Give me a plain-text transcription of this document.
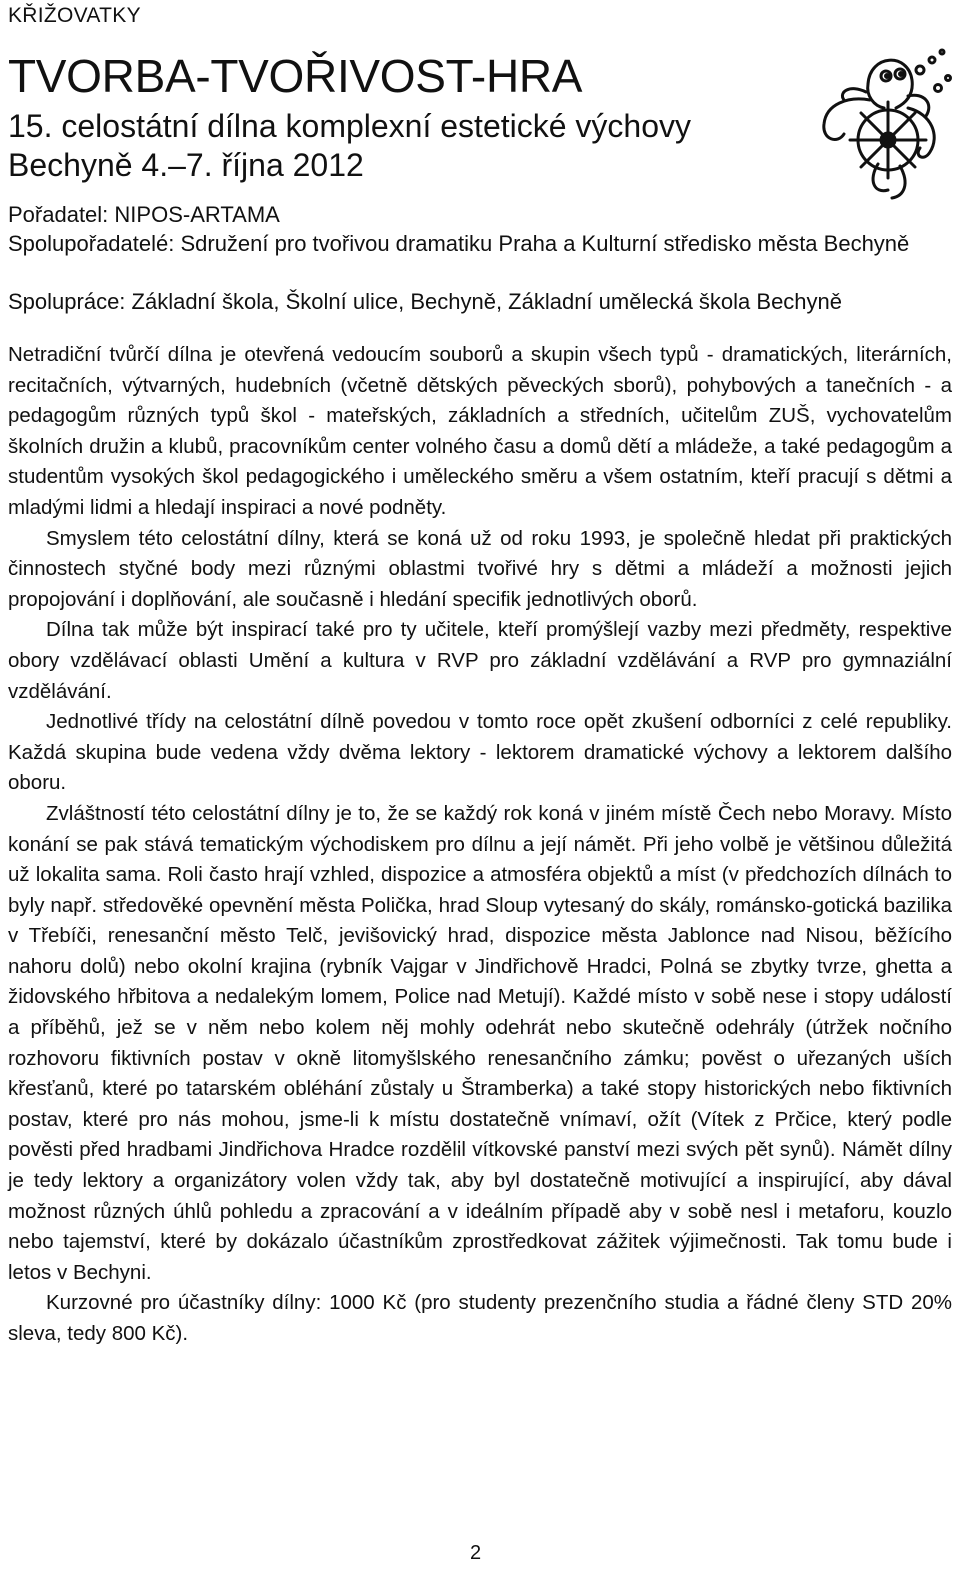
KŘIŽOVATKY
TVORBA-TVOŘIVOST-HRA
15. celostátní dílna komplexní estetické výchovy
Bechyně 4.–7. října 2012
Pořadatel: NIPOS-ARTAMA
Spolupořadatelé: Sdružení pro tvořivou dramatiku Praha a Kulturní středisko města Bechyně
Spolupráce: Základní škola, Školní ulice, Bechyně, Základní umělecká škola Bechyně

Netradiční tvůrčí dílna je otevřená vedoucím souborů a skupin všech typů - dramatických, literárních, recitačních, výtvarných, hudebních (včetně dětských pěveckých sborů), pohybových a tanečních - a pedagogům různých typů škol - mateřských, základních a středních, učitelům ZUŠ, vychovatelům školních družin a klubů, pracovníkům center volného času a domů dětí a mládeže, a také pedagogům a studentům vysokých škol pedagogického i uměleckého směru a všem ostatním, kteří pracují s dětmi a mladými lidmi a hledají inspiraci a nové podněty.

Smyslem této celostátní dílny, která se koná už od roku 1993, je společně hledat při praktických činnostech styčné body mezi různými oblastmi tvořivé hry s dětmi a mládeží a možnosti jejich propojování i doplňování, ale současně i hledání specifik jednotlivých oborů.

Dílna tak může být inspirací také pro ty učitele, kteří promýšlejí vazby mezi předměty, respektive obory vzdělávací oblasti Umění a kultura v RVP pro základní vzdělávání a RVP pro gymnaziální vzdělávání.

Jednotlivé třídy na celostátní dílně povedou v tomto roce opět zkušení odborníci z celé republiky. Každá skupina bude vedena vždy dvěma lektory - lektorem dramatické výchovy a lektorem dalšího oboru.

Zvláštností této celostátní dílny je to, že se každý rok koná v jiném místě Čech nebo Moravy. Místo konání se pak stává tematickým východiskem pro dílnu a její námět. Při jeho volbě je většinou důležitá už lokalita sama. Roli často hrají vzhled, dispozice a atmosféra objektů a míst (v předchozích dílnách to byly např. středověké opevnění města Polička, hrad Sloup vytesaný do skály, románsko-gotická bazilika v Třebíči, renesanční město Telč, jevišovický hrad, dispozice města Jablonce nad Nisou, běžícího nahoru dolů) nebo okolní krajina (rybník Vajgar v Jindřichově Hradci, Polná se zbytky tvrze, ghetta a židovského hřbitova a nedalekým lomem, Police nad Metují). Každé místo v sobě nese i stopy událostí a příběhů, jež se v něm nebo kolem něj mohly odehrát nebo skutečně odehrály (útržek nočního rozhovoru fiktivních postav v okně litomyšlského renesančního zámku; pověst o uřezaných uších křesťanů, které po tatarském obléhání zůstaly u Štramberka) a také stopy historických nebo fiktivních postav, které pro nás mohou, jsme-li k místu dostatečně vnímaví, ožít (Vítek z Prčice, který podle pověsti před hradbami Jindřichova Hradce rozdělil vítkovské panství mezi svých pět synů). Námět dílny je tedy lektory a organizátory volen vždy tak, aby byl dostatečně motivující a inspirující, aby dával možnost různých úhlů pohledu a zpracování a v ideálním případě aby v sobě nesl i metaforu, kouzlo nebo tajemství, které by dokázalo účastníkům zprostředkovat zážitek výjimečnosti. Tak tomu bude i letos v Bechyni.

Kurzovné pro účastníky dílny: 1000 Kč (pro studenty prezenčního studia a řádné členy STD 20% sleva, tedy 800 Kč).

2
